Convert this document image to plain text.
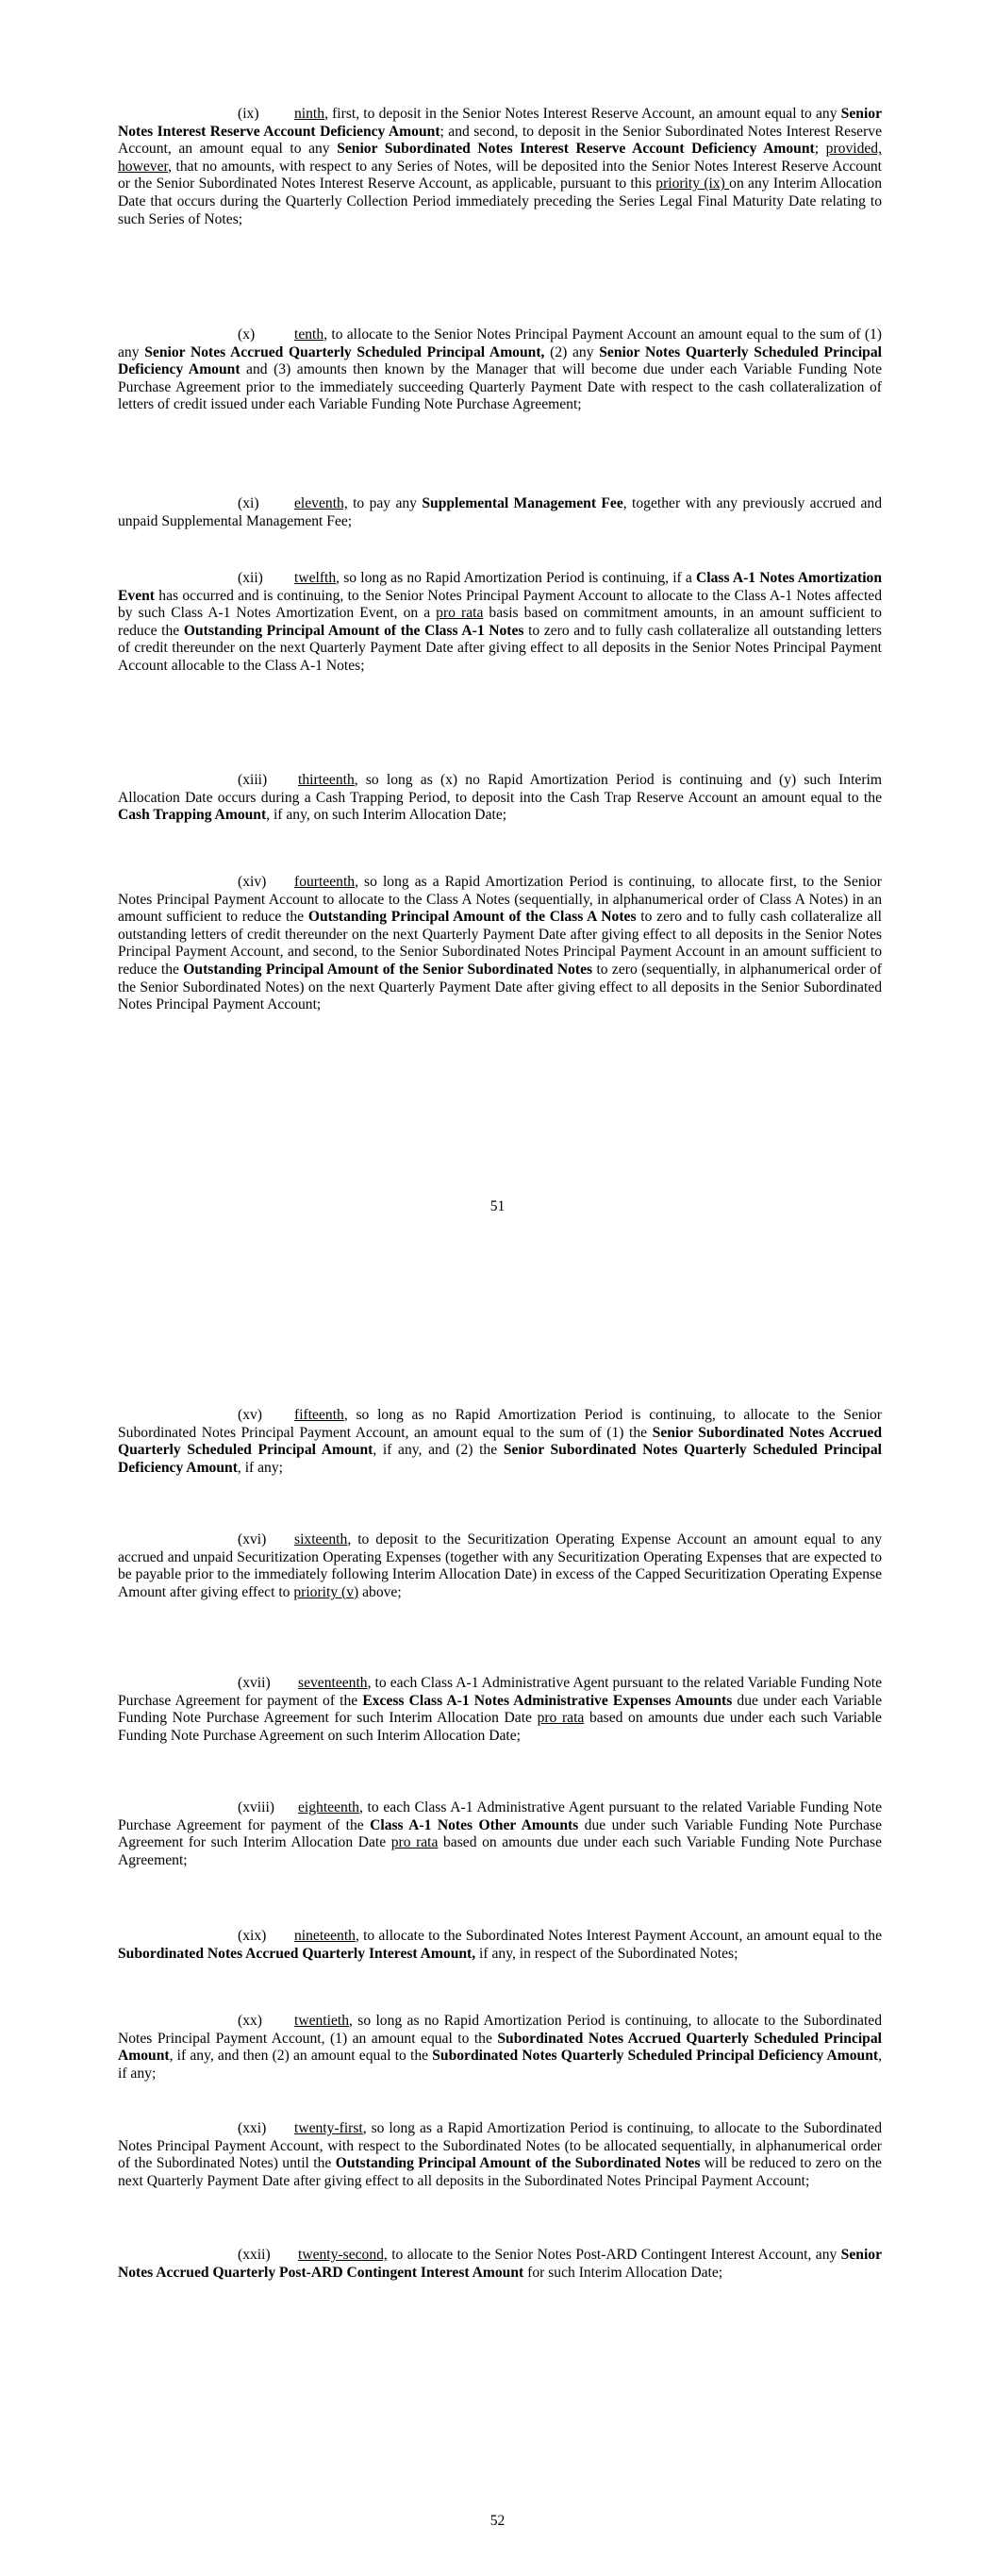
(ix) ninth, first, to deposit in the Senior Notes Interest Reserve Account, an amount equal to any Senior Notes Interest Reserve Account Deficiency Amount; and second, to deposit in the Senior Subordinated Notes Interest Reserve Account, an amount equal to any Senior Subordinated Notes Interest Reserve Account Deficiency Amount; provided, however, that no amounts, with respect to any Series of Notes, will be deposited into the Senior Notes Interest Reserve Account or the Senior Subordinated Notes Interest Reserve Account, as applicable, pursuant to this priority (ix) on any Interim Allocation Date that occurs during the Quarterly Collection Period immediately preceding the Series Legal Final Maturity Date relating to such Series of Notes;

(x)	tenth, to allocate to the Senior Notes Principal Payment Account an amount equal to the sum of (1) any Senior Notes Accrued Quarterly Scheduled Principal Amount, (2) any Senior Notes Quarterly Scheduled Principal Deficiency Amount and (3) amounts then known by the Manager that will become due under each Variable Funding Note Purchase Agreement prior to the immediately succeeding Quarterly Payment Date with respect to the cash collateralization of letters of credit issued under each Variable Funding Note Purchase Agreement;

(xi) eleventh, to pay any Supplemental Management Fee, together with any previously accrued and unpaid Supplemental Management Fee;

(xii) twelfth, so long as no Rapid Amortization Period is continuing, if a Class A-1 Notes Amortization Event has occurred and is continuing, to the Senior Notes Principal Payment Account to allocate to the Class A-1 Notes affected by such Class A-1 Notes Amortization Event, on a pro rata basis based on commitment amounts, in an amount sufficient to reduce the Outstanding Principal Amount of the Class A-1 Notes to zero and to fully cash collateralize all outstanding letters of credit thereunder on the next Quarterly Payment Date after giving effect to all deposits in the Senior Notes Principal Payment Account allocable to the Class A-1 Notes;

(xiii) thirteenth, so long as (x) no Rapid Amortization Period is continuing and (y) such Interim Allocation Date occurs during a Cash Trapping Period, to deposit into the Cash Trap Reserve Account an amount equal to the Cash Trapping Amount, if any, on such Interim Allocation Date;

(xiv) fourteenth, so long as a Rapid Amortization Period is continuing, to allocate first, to the Senior Notes Principal Payment Account to allocate to the Class A Notes (sequentially, in alphanumerical order of Class A Notes) in an amount sufficient to reduce the Outstanding Principal Amount of the Class A Notes to zero and to fully cash collateralize all outstanding letters of credit thereunder on the next Quarterly Payment Date after giving effect to all deposits in the Senior Notes Principal Payment Account, and second, to the Senior Subordinated Notes Principal Payment Account in an amount sufficient to reduce the Outstanding Principal Amount of the Senior Subordinated Notes to zero (sequentially, in alphanumerical order of the Senior Subordinated Notes) on the next Quarterly Payment Date after giving effect to all deposits in the Senior Subordinated Notes Principal Payment Account;

51

(xv) fifteenth, so long as no Rapid Amortization Period is continuing, to allocate to the Senior Subordinated Notes Principal Payment Account, an amount equal to the sum of (1) the Senior Subordinated Notes Accrued Quarterly Scheduled Principal Amount, if any, and (2) the Senior Subordinated Notes Quarterly Scheduled Principal Deficiency Amount, if any;

(xvi) sixteenth, to deposit to the Securitization Operating Expense Account an amount equal to any accrued and unpaid Securitization Operating Expenses (together with any Securitization Operating Expenses that are expected to be payable prior to the immediately following Interim Allocation Date) in excess of the Capped Securitization Operating Expense Amount after giving effect to priority (v) above;

(xvii) seventeenth, to each Class A-1 Administrative Agent pursuant to the related Variable Funding Note Purchase Agreement for payment of the Excess Class A-1 Notes Administrative Expenses Amounts due under each Variable Funding Note Purchase Agreement for such Interim Allocation Date pro rata based on amounts due under each such Variable Funding Note Purchase Agreement on such Interim Allocation Date;

(xviii) eighteenth, to each Class A-1 Administrative Agent pursuant to the related Variable Funding Note Purchase Agreement for payment of the Class A-1 Notes Other Amounts due under such Variable Funding Note Purchase Agreement for such Interim Allocation Date pro rata based on amounts due under each such Variable Funding Note Purchase Agreement;

(xix) nineteenth, to allocate to the Subordinated Notes Interest Payment Account, an amount equal to the Subordinated Notes Accrued Quarterly Interest Amount, if any, in respect of the Subordinated Notes;

(xx) twentieth, so long as no Rapid Amortization Period is continuing, to allocate to the Subordinated Notes Principal Payment Account, (1) an amount equal to the Subordinated Notes Accrued Quarterly Scheduled Principal Amount, if any, and then (2) an amount equal to the Subordinated Notes Quarterly Scheduled Principal Deficiency Amount, if any;

(xxi) twenty-first, so long as a Rapid Amortization Period is continuing, to allocate to the Subordinated Notes Principal Payment Account, with respect to the Subordinated Notes (to be allocated sequentially, in alphanumerical order of the Subordinated Notes) until the Outstanding Principal Amount of the Subordinated Notes will be reduced to zero on the next Quarterly Payment Date after giving effect to all deposits in the Subordinated Notes Principal Payment Account;

(xxii) twenty-second, to allocate to the Senior Notes Post-ARD Contingent Interest Account, any Senior Notes Accrued Quarterly Post-ARD Contingent Interest Amount for such Interim Allocation Date;

52
